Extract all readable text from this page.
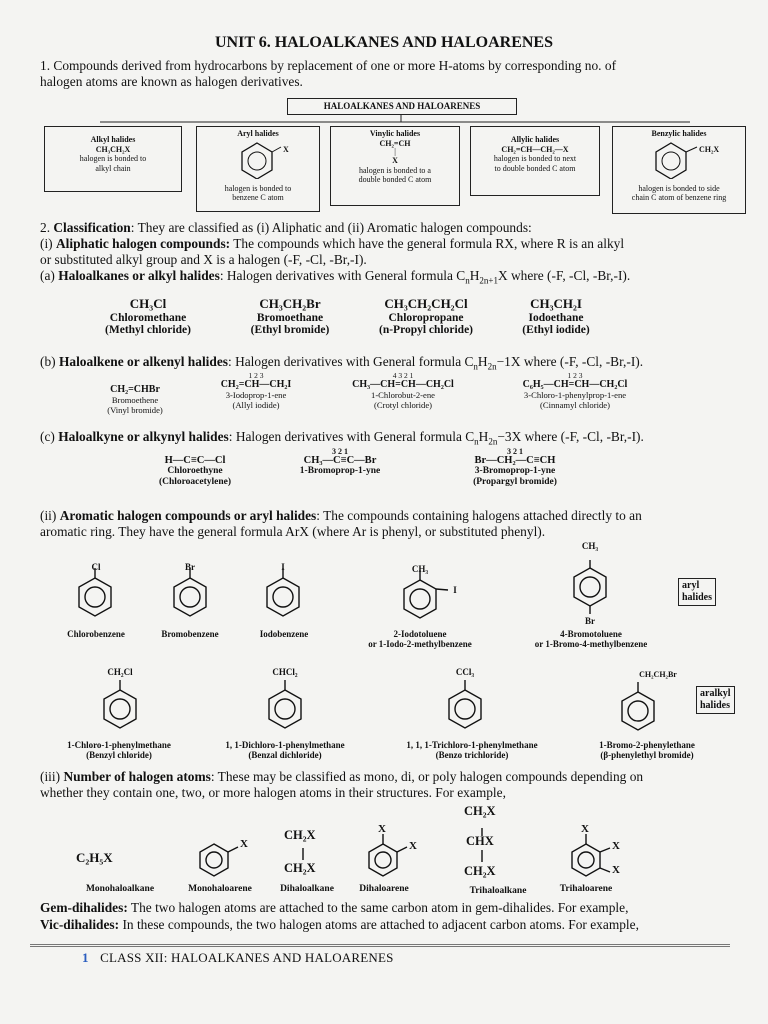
UNIT 6. HALOALKANES AND HALOARENES
1. Compounds derived from hydrocarbons by replacement of one or more H-atoms by corresponding no. of
halogen atoms are known as halogen derivatives.
HALOALKANES AND HALOARENES
Alkyl halides
CH₃CH₂X
halogen is bonded to
alkyl chain
Aryl halides
X
halogen is bonded to
benzene C atom
Vinylic halides
CH₂=CH
|
X
halogen is bonded to a
double bonded C atom
Allylic halides
CH₂=CH—CH₂—X
halogen is bonded to next
to double bonded C atom
Benzylic halides
CH₂X
halogen is bonded to side
chain C atom of benzene ring
2. Classification: They are classified as (i) Aliphatic and (ii) Aromatic halogen compounds:
(i) Aliphatic halogen compounds: The compounds which have the general formula RX, where R is an alkyl
or substituted alkyl group and X is a halogen (-F, -Cl, -Br,-I).
(a) Haloalkanes or alkyl halides: Halogen derivatives with General formula $C_nH_{2n+1}X$ where (-F, -Cl, -Br,-I).
CH₃Cl
Chloromethane
(Methyl chloride)
CH₃CH₂Br
Bromoethane
(Ethyl bromide)
CH₃CH₂CH₂Cl
Chloropropane
(n-Propyl chloride)
CH₃CH₂I
Iodoethane
(Ethyl iodide)
(b) Haloalkene or alkenyl halides: Halogen derivatives with General formula $C_nH_{2n}-1X$ where (-F, -Cl, -Br,-I).
CH₂=CHBr
Bromoethene
(Vinyl bromide)
1 2 3
CH₂=CH—CH₂I
3-Iodoprop-1-ene
(Allyl iodide)
4 3 2 1
CH₃—CH=CH—CH₂Cl
1-Chlorobut-2-ene
(Crotyl chloride)
1 2 3
C₆H₅—CH=CH—CH₂Cl
3-Chloro-1-phenylprop-1-ene
(Cinnamyl chloride)
(c) Haloalkyne or alkynyl halides: Halogen derivatives with General formula $C_nH_{2n}-3X$ where (-F, -Cl, -Br,-I).
H—C≡C—Cl
Chloroethyne
(Chloroacetylene)
3 2 1
CH₃—C≡C—Br
1-Bromoprop-1-yne
3 2 1
Br—CH₂—C≡CH
3-Bromoprop-1-yne
(Propargyl bromide)
(ii) Aromatic halogen compounds or aryl halides: The compounds containing halogens attached directly to an
aromatic ring. They have the general formula ArX (where Ar is phenyl, or substituted phenyl).
Cl	Br	I	CH₃
I
CH₃
Br
Chlorobenzene	Bromobenzene	Iodobenzene	2-Iodotoluene
or 1-Iodo-2-methylbenzene
4-Bromotoluene
or 1-Bromo-4-methylbenzene
aryl
halides
CH₂Cl	CHCl₂	CCl₃	CH₂CH₂Br
1-Chloro-1-phenylmethane
(Benzyl chloride)
1, 1-Dichloro-1-phenylmethane
(Benzal dichloride)
1, 1, 1-Trichloro-1-phenylmethane
(Benzo trichloride)
1-Bromo-2-phenylethane
(β-phenylethyl bromide)
aralkyl
halides
(iii) Number of halogen atoms: These may be classified as mono, di, or poly halogen compounds depending on
whether they contain one, two, or more halogen atoms in their structures. For example,
C₂H₅X
X
CH₂X
CH₂X
X
X
CH₂X
CHX
CH₂X
X
X
X
Monohaloalkane	Monohaloarene	Dihaloalkane	Dihaloarene	Trihaloalkane	Trihaloarene
Gem-dihalides: The two halogen atoms are attached to the same carbon atom in gem-dihalides. For example,
Vic-dihalides: In these compounds, the two halogen atoms are attached to adjacent carbon atoms. For example,
1 CLASS XII: HALOALKANES AND HALOARENES
